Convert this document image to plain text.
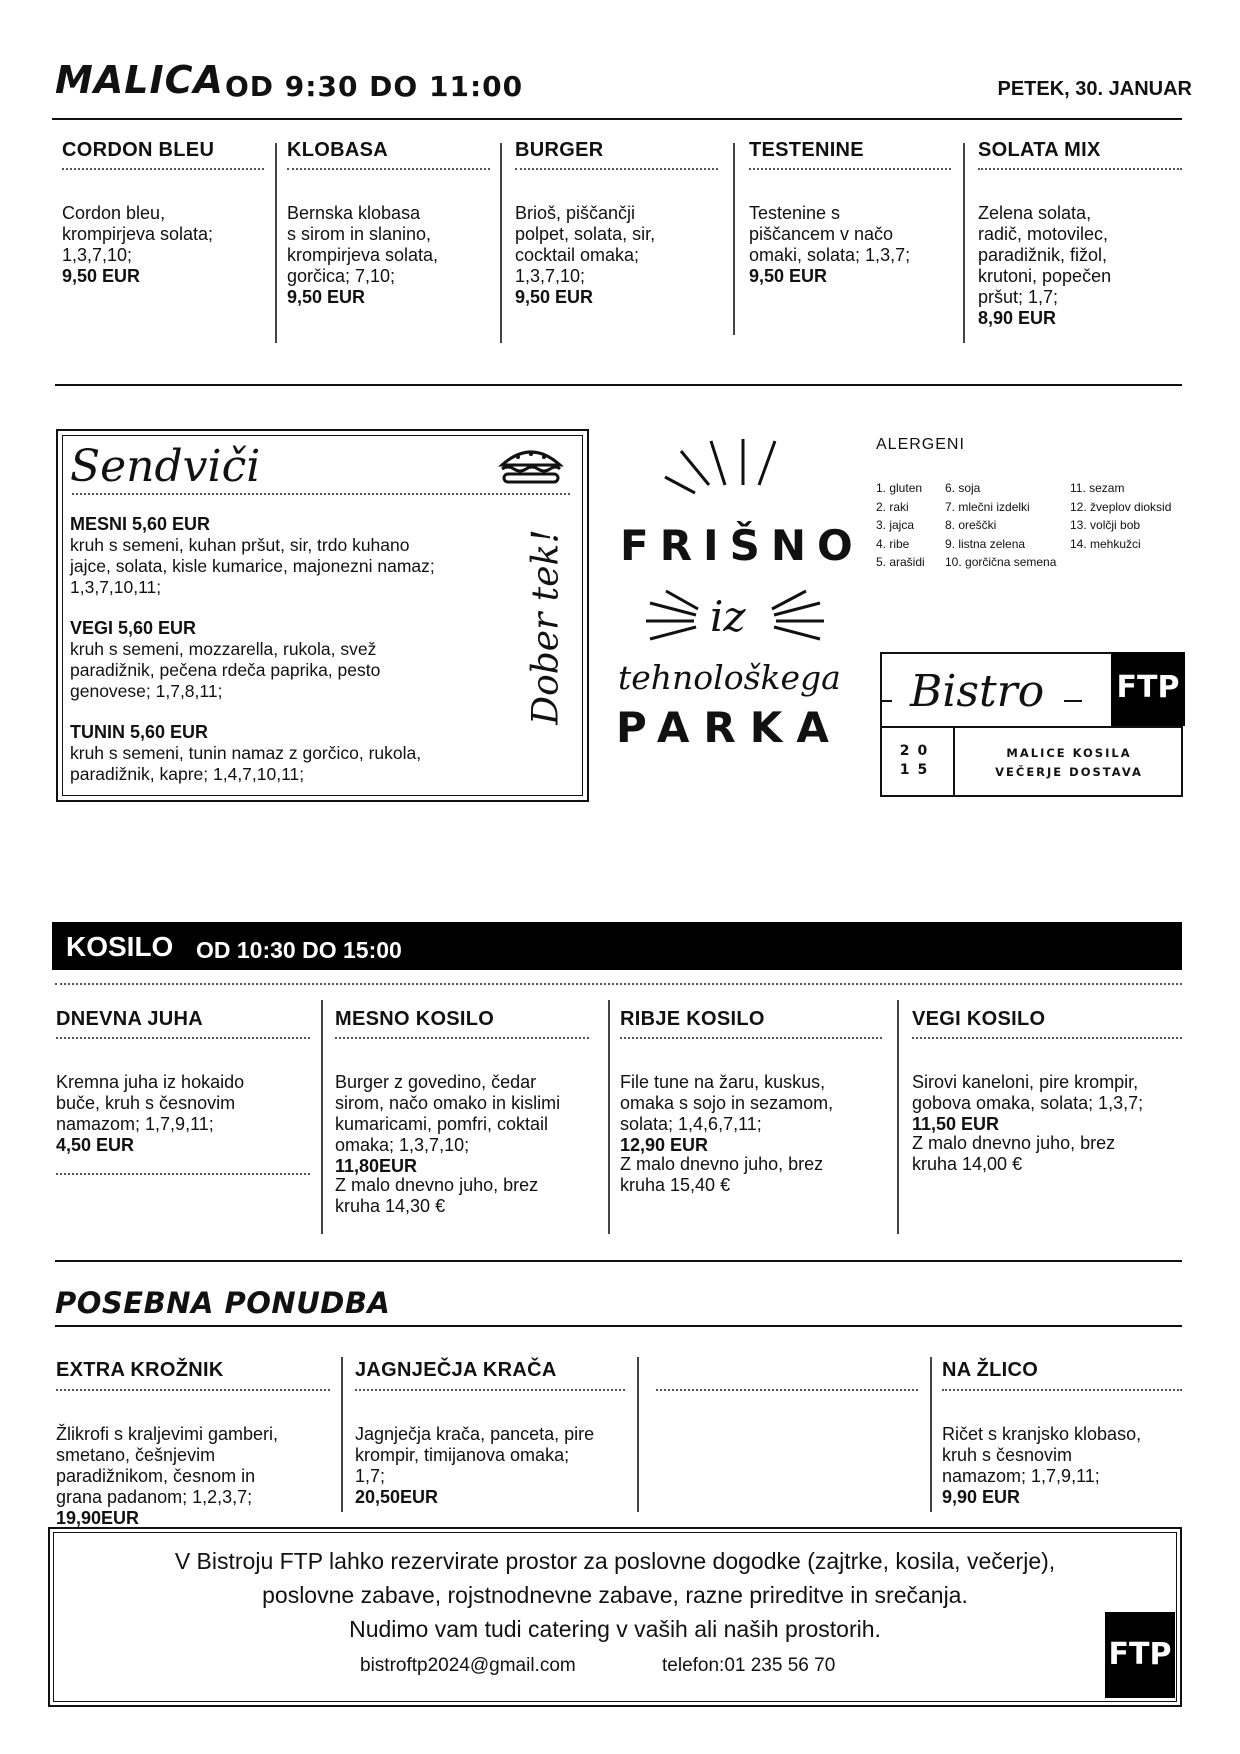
MALICA OD 9:30 DO 11:00	PETEK, 30. JANUAR
CORDON BLEU

Cordon bleu,
krompirjeva solata;
1,3,7,10;

9,50 EUR

KLOBASA

Bernska klobasa
s sirom in slanino,
krompirjeva solata,
gorčica; 7,10;

9,50 EUR

BURGER

Brioš, piščančji
polpet, solata, sir,
cocktail omaka;
1,3,7,10;

9,50 EUR

TESTENINE

Testenine s
piščancem v načo
omaki, solata; 1,3,7;

9,50 EUR

SOLATA MIX

Zelena solata,
radič, motovilec,
paradižnik, fižol,
krutoni, popečen
pršut; 1,7;

8,90 EUR

Sendviči
MESNI 5,60 EUR
kruh s semeni, kuhan pršut, sir, trdo kuhano
jajce, solata, kisle kumarice, majonezni namaz;
1,3,7,10,11;
VEGI 5,60 EUR
kruh s semeni, mozzarella, rukola, svež
paradižnik, pečena rdeča paprika, pesto
genovese; 1,7,8,11;
TUNIN 5,60 EUR
kruh s semeni, tunin namaz z gorčico, rukola,
paradižnik, kapre; 1,4,7,10,11;
Dober tek! FRIŠNO
iz
tehnološkega
PARKA
ALERGENI
1. gluten
2. raki
3. jajca
4. ribe
5. arašidi
6. soja
7. mlečni izdelki
8. oreščki
9. listna zelena
10. gorčična semena
11. sezam
12. žveplov dioksid
13. volčji bob
14. mehkužci
Bistro FTP
20
15
MALICE KOSILA
VEČERJE DOSTAVA
KOSILO OD 10:30 DO 15:00
DNEVNA JUHA

Kremna juha iz hokaido
buče, kruh s česnovim
namazom; 1,7,9,11;

4,50 EUR

MESNO KOSILO

Burger z govedino, čedar
sirom, načo omako in kislimi
kumaricami, pomfri, coktail
omaka; 1,3,7,10;

11,80EUR

Z malo dnevno juho, brez
kruha 14,30 €
RIBJE KOSILO

File tune na žaru, kuskus,
omaka s sojo in sezamom,
solata; 1,4,6,7,11;

12,90 EUR

Z malo dnevno juho, brez
kruha 15,40 €
VEGI KOSILO

Sirovi kaneloni, pire krompir,
gobova omaka, solata; 1,3,7;

11,50 EUR

Z malo dnevno juho, brez
kruha 14,00 €
POSEBNA PONUDBA
EXTRA KROŽNIK

Žlikrofi s kraljevimi gamberi,
smetano, češnjevim
paradižnikom, česnom in
grana padanom; 1,2,3,7;

19,90EUR

JAGNJEČJA KRAČA

Jagnječja krača, panceta, pire
krompir, timijanova omaka;
1,7;

20,50EUR

NA ŽLICO

Ričet s kranjsko klobaso,
kruh s česnovim
namazom; 1,7,9,11;

9,90 EUR

V Bistroju FTP lahko rezervirate prostor za poslovne dogodke (zajtrke, kosila, večerje),
poslovne zabave, rojstnodnevne zabave, razne prireditve in srečanja.
Nudimo vam tudi catering v vaših ali naših prostorih.
bistroftp2024@gmail.com	telefon:01 235 56 70	FTP
